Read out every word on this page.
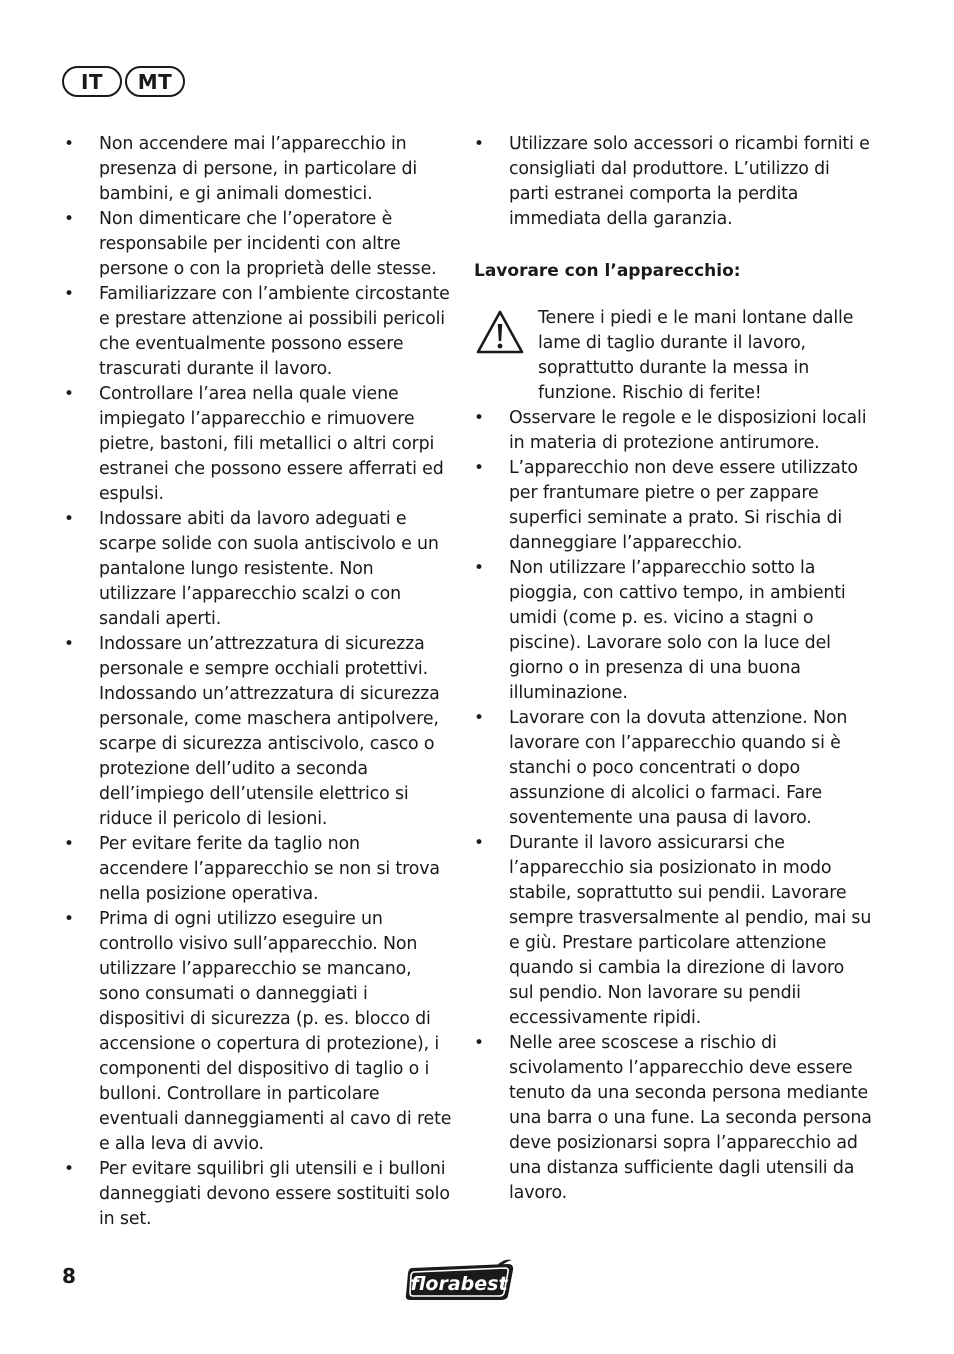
IT	MT
• Non accendere mai l’apparecchio in presenza di persone, in particolare di bambini, e gi animali domestici.
• Non dimenticare che l’operatore è responsabile per incidenti con altre persone o con la proprietà delle stesse.
• Familiarizzare con l’ambiente circostante e prestare attenzione ai possibili pericoli che eventualmente possono essere trascurati durante il lavoro.
• Controllare l’area nella quale viene impiegato l’apparecchio e rimuovere pietre, bastoni, fili metallici o altri corpi estranei che possono essere afferrati ed espulsi.
• Indossare abiti da lavoro adeguati e scarpe solide con suola antiscivolo e un pantalone lungo resistente. Non utilizzare l’apparecchio scalzi o con sandali aperti.
• Indossare un’attrezzatura di sicurezza personale e sempre occhiali protettivi. Indossando un’attrezzatura di sicurezza personale, come maschera antipolvere, scarpe di sicurezza antiscivolo, casco o protezione dell’udito a seconda dell’impiego dell’utensile elettrico si riduce il pericolo di lesioni.
• Per evitare ferite da taglio non accendere l’apparecchio se non si trova nella posizione operativa.
• Prima di ogni utilizzo eseguire un controllo visivo sull’apparecchio. Non utilizzare l’apparecchio se mancano, sono consumati o danneggiati i dispositivi di sicurezza (p. es. blocco di accensione o copertura di protezione), i componenti del dispositivo di taglio o i bulloni. Controllare in particolare eventuali danneggiamenti al cavo di rete e alla leva di avvio.
• Per evitare squilibri gli utensili e i bulloni danneggiati devono essere sostituiti solo in set.
• Utilizzare solo accessori o ricambi forniti e consigliati dal produttore. L’utilizzo di parti estranei comporta la perdita immediata della garanzia.
Lavorare con l’apparecchio:
Tenere i piedi e le mani lontane dalle lame di taglio durante il lavoro, soprattutto durante la messa in funzione. Rischio di ferite!
• Osservare le regole e le disposizioni locali in materia di protezione antirumore.
• L’apparecchio non deve essere utilizzato per frantumare pietre o per zappare superfici seminate a prato. Si rischia di danneggiare l’apparecchio.
• Non utilizzare l’apparecchio sotto la pioggia, con cattivo tempo, in ambienti umidi (come p. es. vicino a stagni o piscine). Lavorare solo con la luce del giorno o in presenza di una buona illuminazione.
• Lavorare con la dovuta attenzione. Non lavorare con l’apparecchio quando si è stanchi o poco concentrati o dopo assunzione di alcolici o farmaci. Fare soventemente una pausa di lavoro.
• Durante il lavoro assicurarsi che l’apparecchio sia posizionato in modo stabile, soprattutto sui pendii. Lavorare sempre trasversalmente al pendio, mai su e giù. Prestare particolare attenzione quando si cambia la direzione di lavoro sul pendio. Non lavorare su pendii eccessivamente ripidi.
• Nelle aree scoscese a rischio di scivolamento l’apparecchio deve essere tenuto da una seconda persona mediante una barra o una fune. La seconda persona deve posizionarsi sopra l’apparecchio ad una distanza sufficiente dagli utensili da lavoro.
8	florabest
